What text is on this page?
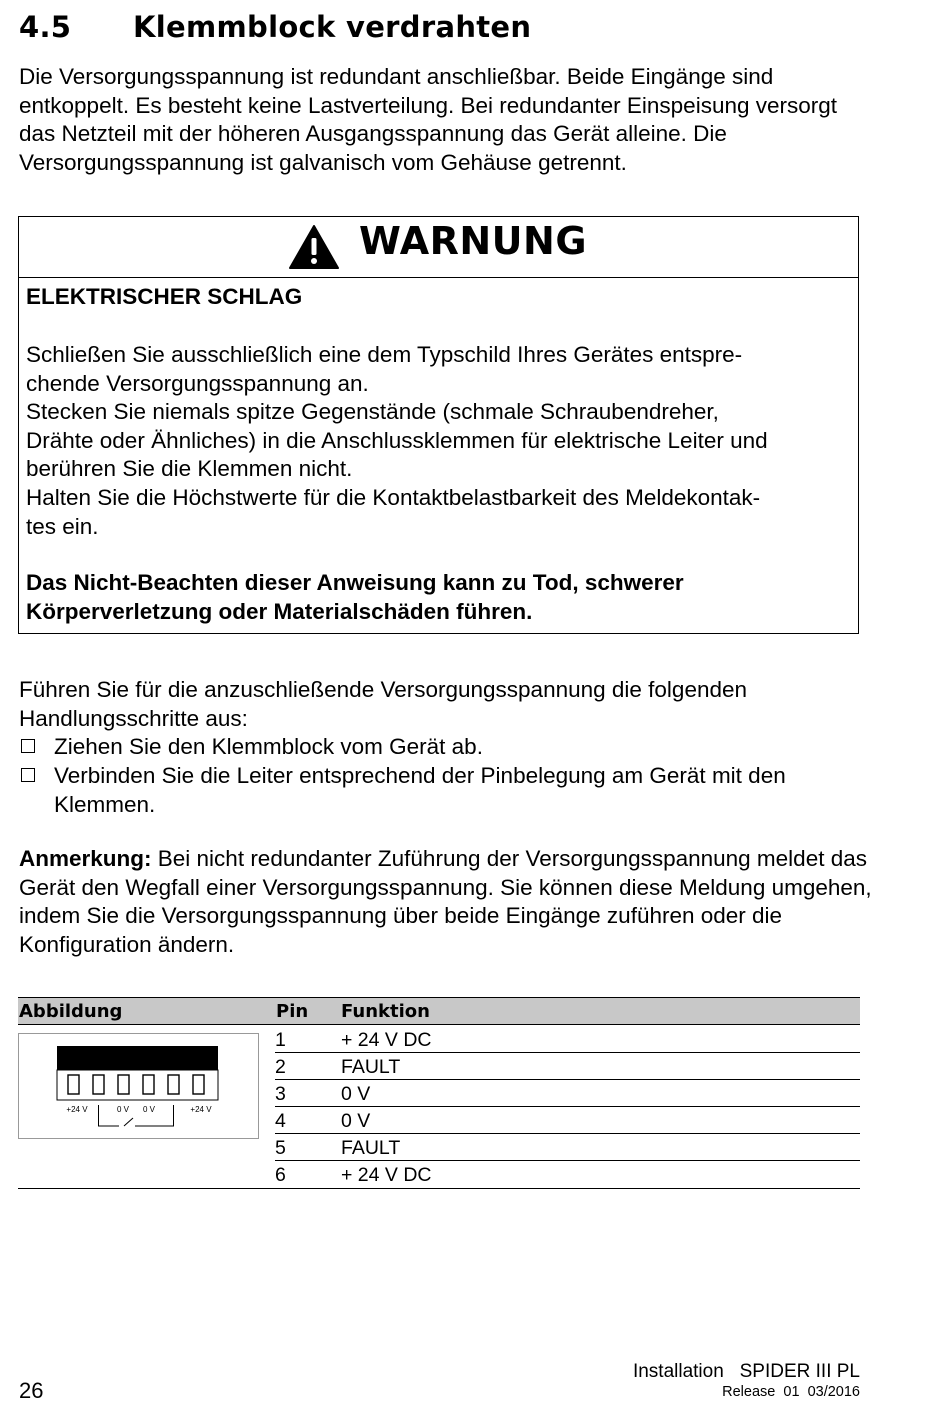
4.5 Klemmblock verdrahten

Die Versorgungsspannung ist redundant anschließbar. Beide Eingänge sind entkoppelt. Es besteht keine Lastverteilung. Bei redundanter Einspeisung versorgt das Netzteil mit der höheren Ausgangsspannung das Gerät alleine. Die Versorgungsspannung ist galvanisch vom Gehäuse getrennt.

WARNUNG

ELEKTRISCHER SCHLAG

Schließen Sie ausschließlich eine dem Typschild Ihres Gerätes entspre-
chende Versorgungsspannung an.
Stecken Sie niemals spitze Gegenstände (schmale Schraubendreher,
Drähte oder Ähnliches) in die Anschlussklemmen für elektrische Leiter und
berühren Sie die Klemmen nicht.
Halten Sie die Höchstwerte für die Kontaktbelastbarkeit des Meldekontak-
tes ein.

Das Nicht-Beachten dieser Anweisung kann zu Tod, schwerer Körperverletzung oder Materialschäden führen.

Führen Sie für die anzuschließende Versorgungsspannung die folgenden Handlungsschritte aus:

Ziehen Sie den Klemmblock vom Gerät ab.
Verbinden Sie die Leiter entsprechend der Pinbelegung am Gerät mit den Klemmen.

Anmerkung: Bei nicht redundanter Zuführung der Versorgungsspannung meldet das Gerät den Wegfall einer Versorgungsspannung. Sie können diese Meldung umgehen, indem Sie die Versorgungsspannung über beide Eingänge zuführen oder die Konfiguration ändern.

Abbildung	Pin Funktion
+24 V	0 V 0 V	+24 V
1	+ 24 V DC
2	FAULT
3	0 V
4	0 V
5	FAULT
6	+ 24 V DC
26
Installation   SPIDER III PL
Release  01  03/2016
